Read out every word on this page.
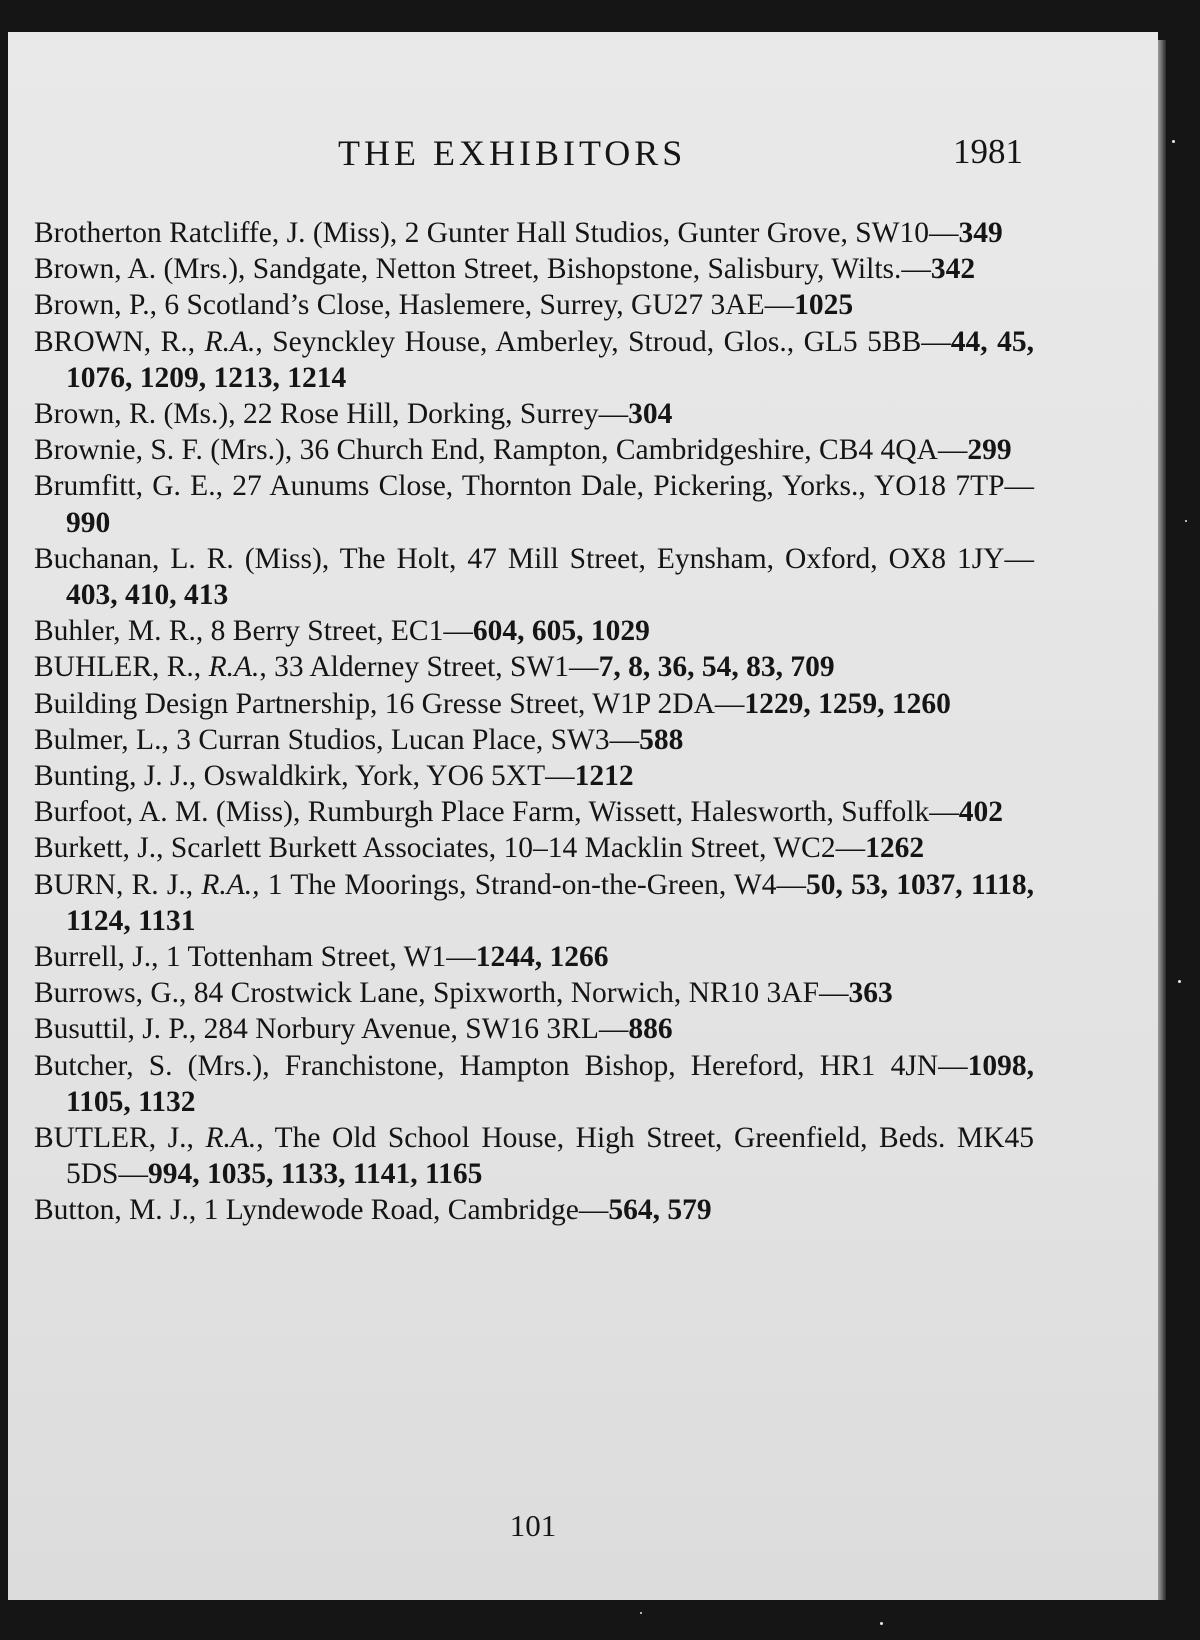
THE EXHIBITORS	1981
Brotherton Ratcliffe, J. (Miss), 2 Gunter Hall Studios, Gunter Grove, SW10—349
Brown, A. (Mrs.), Sandgate, Netton Street, Bishopstone, Salisbury, Wilts.—342
Brown, P., 6 Scotland’s Close, Haslemere, Surrey, GU27 3AE—1025
BROWN, R., R.A., Seynckley House, Amberley, Stroud, Glos., GL5 5BB—44, 45, 1076, 1209, 1213, 1214
Brown, R. (Ms.), 22 Rose Hill, Dorking, Surrey—304
Brownie, S. F. (Mrs.), 36 Church End, Rampton, Cambridgeshire, CB4 4QA—299
Brumfitt, G. E., 27 Aunums Close, Thornton Dale, Pickering, Yorks., YO18 7TP—990
Buchanan, L. R. (Miss), The Holt, 47 Mill Street, Eynsham, Oxford, OX8 1JY—403, 410, 413
Buhler, M. R., 8 Berry Street, EC1—604, 605, 1029
BUHLER, R., R.A., 33 Alderney Street, SW1—7, 8, 36, 54, 83, 709
Building Design Partnership, 16 Gresse Street, W1P 2DA—1229, 1259, 1260
Bulmer, L., 3 Curran Studios, Lucan Place, SW3—588
Bunting, J. J., Oswaldkirk, York, YO6 5XT—1212
Burfoot, A. M. (Miss), Rumburgh Place Farm, Wissett, Halesworth, Suffolk—402
Burkett, J., Scarlett Burkett Associates, 10–14 Macklin Street, WC2—1262
BURN, R. J., R.A., 1 The Moorings, Strand-on-the-Green, W4—50, 53, 1037, 1118, 1124, 1131
Burrell, J., 1 Tottenham Street, W1—1244, 1266
Burrows, G., 84 Crostwick Lane, Spixworth, Norwich, NR10 3AF—363
Busuttil, J. P., 284 Norbury Avenue, SW16 3RL—886
Butcher, S. (Mrs.), Franchistone, Hampton Bishop, Hereford, HR1 4JN—1098, 1105, 1132
BUTLER, J., R.A., The Old School House, High Street, Greenfield, Beds. MK45 5DS—994, 1035, 1133, 1141, 1165
Button, M. J., 1 Lyndewode Road, Cambridge—564, 579
101
